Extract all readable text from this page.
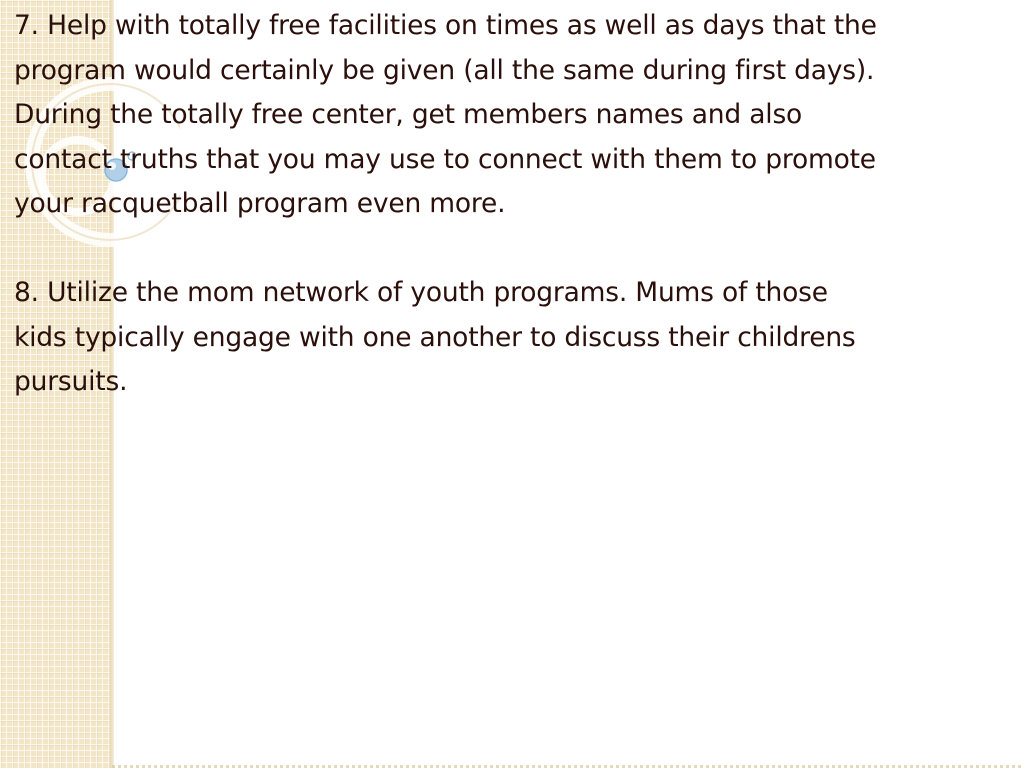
7. Help with totally free facilities on times as well as days that the
program would certainly be given (all the same during first days).
During the totally free center, get members names and also
contact truths that you may use to connect with them to promote
your racquetball program even more.

8. Utilize the mom network of youth programs. Mums of those
kids typically engage with one another to discuss their childrens
pursuits.
